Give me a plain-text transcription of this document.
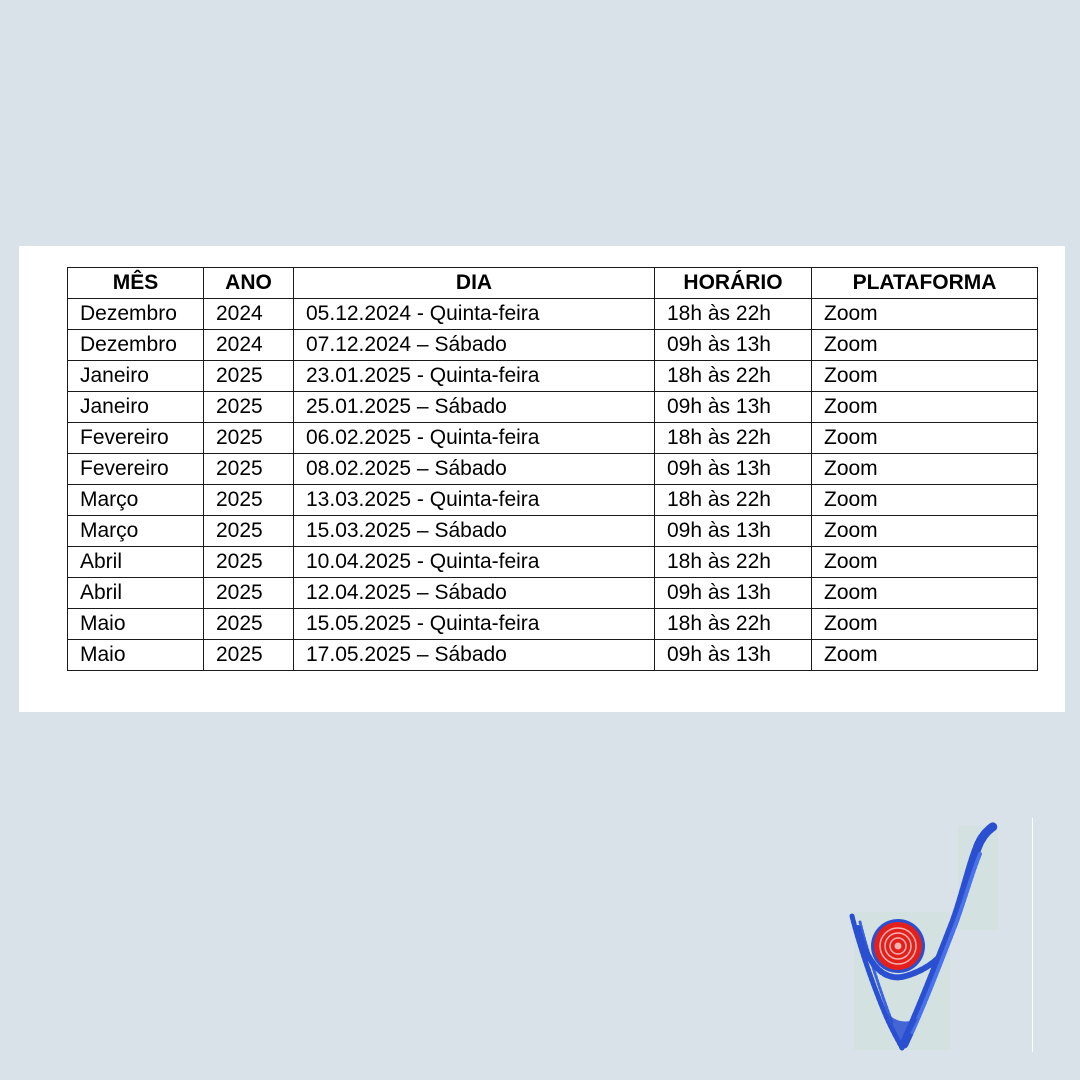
MÊS	ANO	DIA	HORÁRIO	PLATAFORMA
Dezembro	2024	05.12.2024 - Quinta-feira	18h às 22h	Zoom
Dezembro	2024	07.12.2024 – Sábado	09h às 13h	Zoom
Janeiro	2025	23.01.2025 - Quinta-feira	18h às 22h	Zoom
Janeiro	2025	25.01.2025 – Sábado	09h às 13h	Zoom
Fevereiro	2025	06.02.2025 - Quinta-feira	18h às 22h	Zoom
Fevereiro	2025	08.02.2025 – Sábado	09h às 13h	Zoom
Março	2025	13.03.2025 - Quinta-feira	18h às 22h	Zoom
Março	2025	15.03.2025 – Sábado	09h às 13h	Zoom
Abril	2025	10.04.2025 - Quinta-feira	18h às 22h	Zoom
Abril	2025	12.04.2025 – Sábado	09h às 13h	Zoom
Maio	2025	15.05.2025 - Quinta-feira	18h às 22h	Zoom
Maio	2025	17.05.2025 – Sábado	09h às 13h	Zoom
